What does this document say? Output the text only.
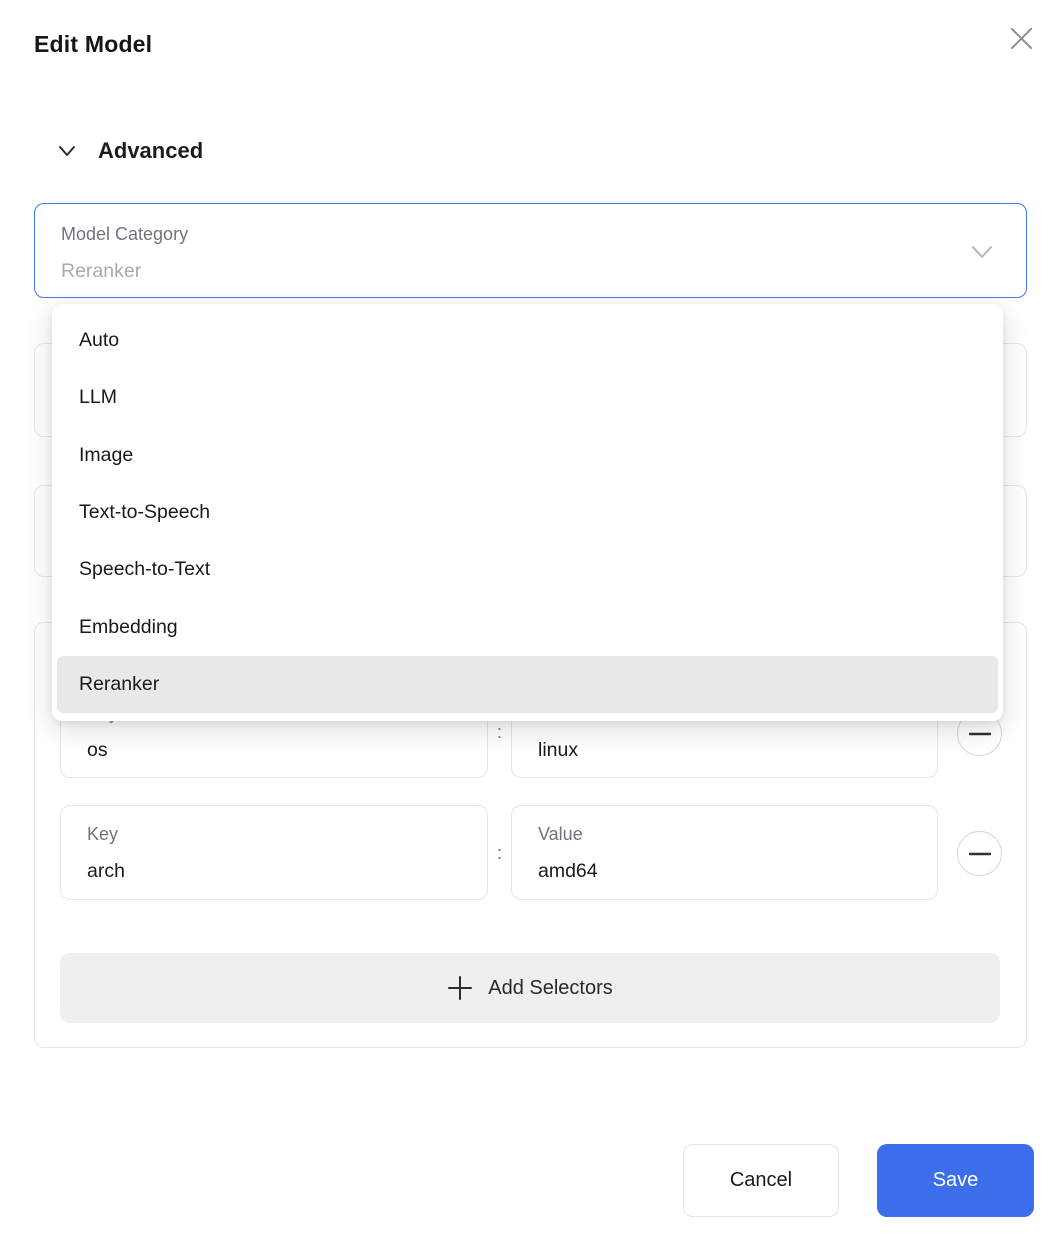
Edit Model
Advanced
Model Category
Reranker
os
:
linux
Key
arch
:
Value
amd64
Add Selectors
Auto
LLM
Image
Text-to-Speech
Speech-to-Text
Embedding
Reranker
Cancel	Save
